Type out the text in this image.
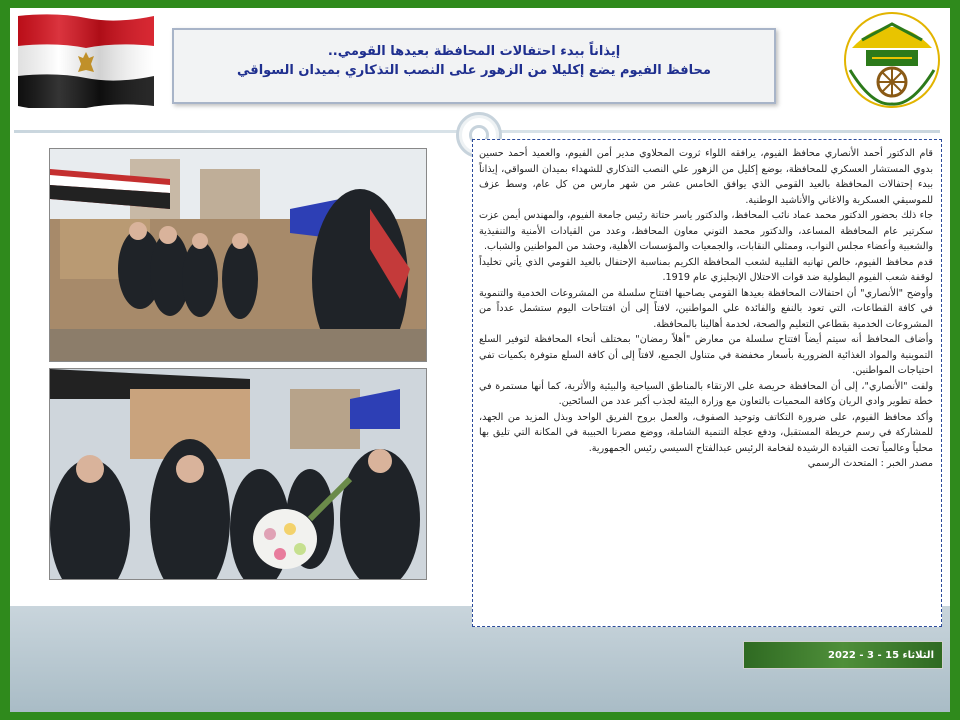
إيذاناً ببدء احتفالات المحافظة بعيدها القومي..
محافظ الفيوم يضع إكليلا من الزهور على النصب التذكاري بميدان السواقي

قام الدكتور أحمد الأنصاري محافظ الفيوم، يرافقه اللواء ثروت المحلاوي مدير أمن الفيوم، والعميد أحمد حسين بدوي المستشار العسكري للمحافظة، بوضع إكليل من الزهور علي النصب التذكاري للشهداء بميدان السواقي، إيذاناً ببدء إحتفالات المحافظة بالعيد القومي الذي يوافق الخامس عشر من شهر مارس من كل عام، وسط عزف للموسيقي العسكرية والاغاني والأناشيد الوطنية.

جاء ذلك بحضور الدكتور محمد عماد نائب المحافظ، والدكتور ياسر حتاتة رئيس جامعة الفيوم، والمهندس أيمن عزت سكرتير عام المحافظة المساعد، والدكتور محمد التوني معاون المحافظ، وعدد من القيادات الأمنية والتنفيذية والشعبية وأعضاء مجلس النواب، وممثلي النقابات، والجمعيات والمؤسسات الأهلية، وحشد من المواطنين والشباب.

قدم محافظ الفيوم، خالص تهانيه القلبية لشعب المحافظة الكريم بمناسبة الإحتفال بالعيد القومي الذي يأتي تخليداً لوقفة شعب الفيوم البطولية ضد قوات الاحتلال الإنجليزي عام 1919.

وأوضح "الأنصاري" أن احتفالات المحافظة بعيدها القومي يصاحبها افتتاح سلسلة من المشروعات الخدمية والتنموية في كافة القطاعات، التي تعود بالنفع والفائدة علي المواطنين، لافتاً إلى أن افتتاحات اليوم ستشمل عدداً من المشروعات الخدمية بقطاعي التعليم والصحة، لخدمة أهالينا بالمحافظة.

وأضاف المحافظ أنه سيتم أيضاً افتتاح سلسلة من معارض "أهلاً رمضان" بمختلف أنحاء المحافظة لتوفير السلع التموينية والمواد الغذائية الضرورية بأسعار مخفضة في متناول الجميع، لافتاً إلى أن كافة السلع متوفرة بكميات تفي احتياجات المواطنين.

ولفت "الأنصاري"، إلى أن المحافظة حريصة على الارتقاء بالمناطق السياحية والبيئية والأثرية، كما أنها مستمرة في خطة تطوير وادي الريان وكافة المحميات بالتعاون مع وزارة البيئة لجذب أكبر عدد من السائحين.

وأكد محافظ الفيوم، على ضرورة التكاتف وتوحيد الصفوف، والعمل بروح الفريق الواحد وبذل المزيد من الجهد، للمشاركة في رسم خريطة المستقبل، ودفع عجلة التنمية الشاملة، ووضع مصرنا الحبيبة في المكانة التي تليق بها محلياً وعالمياً تحت القيادة الرشيدة لفخامة الرئيس عبدالفتاح السيسي رئيس الجمهورية.

مصدر الخبر : المتحدث الرسمي

الثلاثاء 15 - 3 - 2022
